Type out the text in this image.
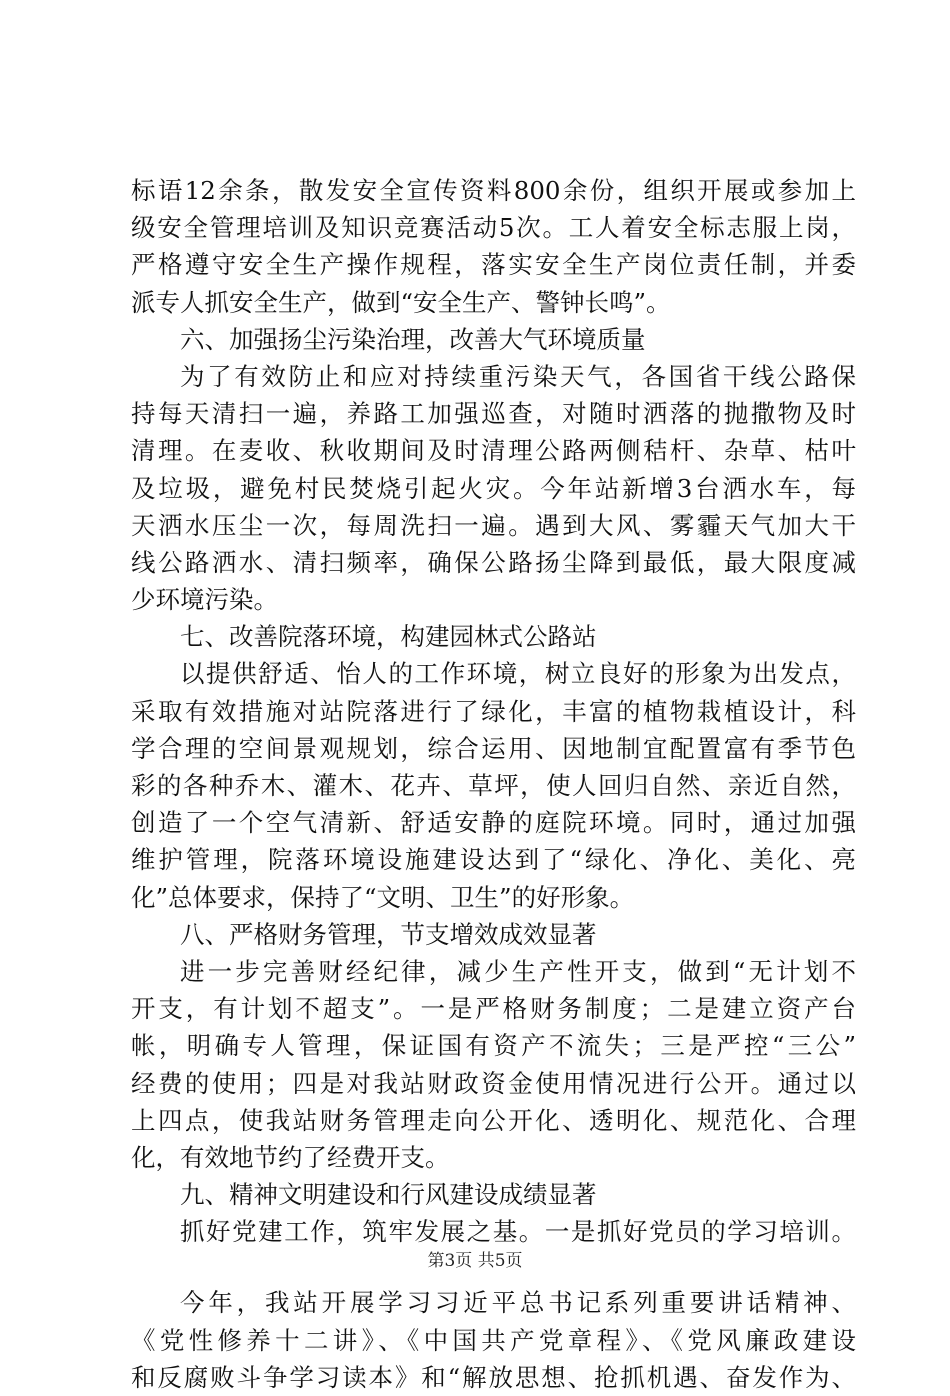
标语12余条，散发安全宣传资料800余份，组织开展或参加上
级安全管理培训及知识竞赛活动5次。工人着安全标志服上岗，
严格遵守安全生产操作规程，落实安全生产岗位责任制，并委
派专人抓安全生产，做到“安全生产、警钟长鸣”。
六、加强扬尘污染治理，改善大气环境质量
为了有效防止和应对持续重污染天气，各国省干线公路保
持每天清扫一遍，养路工加强巡查，对随时洒落的抛撒物及时
清理。在麦收、秋收期间及时清理公路两侧秸杆、杂草、枯叶
及垃圾，避免村民焚烧引起火灾。今年站新增3台洒水车，每
天洒水压尘一次，每周洗扫一遍。遇到大风、雾霾天气加大干
线公路洒水、清扫频率，确保公路扬尘降到最低，最大限度减
少环境污染。
七、改善院落环境，构建园林式公路站
以提供舒适、怡人的工作环境，树立良好的形象为出发点，
采取有效措施对站院落进行了绿化，丰富的植物栽植设计，科
学合理的空间景观规划，综合运用、因地制宜配置富有季节色
彩的各种乔木、灌木、花卉、草坪，使人回归自然、亲近自然，
创造了一个空气清新、舒适安静的庭院环境。同时，通过加强
维护管理，院落环境设施建设达到了“绿化、净化、美化、亮
化”总体要求，保持了“文明、卫生”的好形象。
八、严格财务管理，节支增效成效显著
进一步完善财经纪律，减少生产性开支，做到“无计划不
开支，有计划不超支”。一是严格财务制度；二是建立资产台
帐，明确专人管理，保证国有资产不流失；三是严控“三公”
经费的使用；四是对我站财政资金使用情况进行公开。通过以
上四点，使我站财务管理走向公开化、透明化、规范化、合理
化，有效地节约了经费开支。
九、精神文明建设和行风建设成绩显著
抓好党建工作，筑牢发展之基。一是抓好党员的学习培训。
今年，我站开展学习习近平总书记系列重要讲话精神、
《党性修养十二讲》、《中国共产党章程》、《党风廉政建设
和反腐败斗争学习读本》和“解放思想、抢抓机遇、奋发作为、
第3页 共5页
